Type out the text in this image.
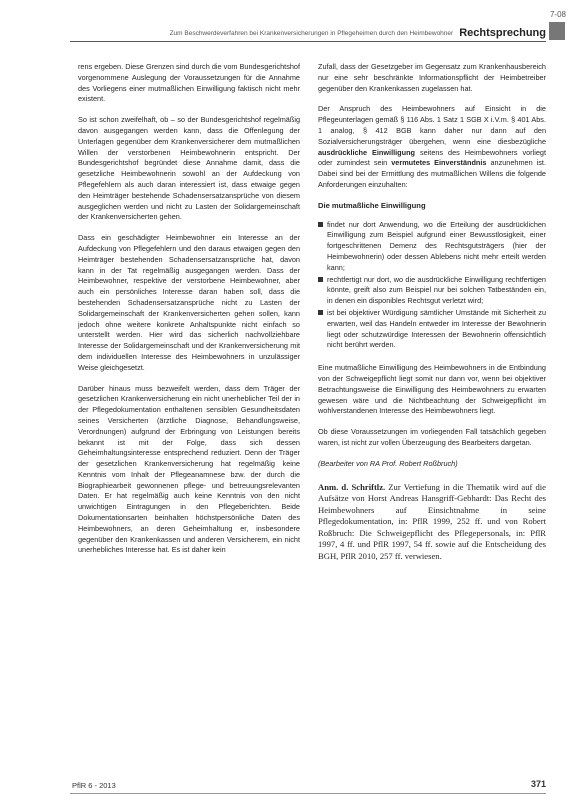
7-08
Zum Beschwerdeverfahren bei Krankenversicherungen in Pflegeheimen durch den Heimbewohner Rechtsprechung

rens ergeben. Diese Grenzen sind durch die vom Bundesgerichtshof vorgenommene Auslegung der Voraussetzungen für die Annahme des Vorliegens einer mutmaßlichen Einwilligung faktisch nicht mehr existent.

So ist schon zweifelhaft, ob – so der Bundesgerichtshof regelmäßig davon ausgegangen werden kann, dass die Offenlegung der Unterlagen gegenüber dem Krankenversicherer dem mutmaßlichen Willen der verstorbenen Heimbewohnerin entspricht. Der Bundesgerichtshof begründet diese Annahme damit, dass die gesetzliche Heimbewohnerin sowohl an der Aufdeckung von Pflegefehlern als auch daran interessiert ist, dass etwaige gegen den Heimträger bestehende Schadensersatzansprüche von diesem ausgeglichen werden und nicht zu Lasten der Solidargemeinschaft der Krankenversicherten gehen.

Dass ein geschädigter Heimbewohner ein Interesse an der Aufdeckung von Pflegefehlern und den daraus etwaigen gegen den Heimträger bestehenden Schadensersatzansprüche hat, davon kann in der Tat regelmäßig ausgegangen werden. Dass der Heimbewohner, respektive der verstorbene Heimbewohner, aber auch ein persönliches Interesse daran haben soll, dass die bestehenden Schadensersatzansprüche nicht zu Lasten der Solidargemeinschaft der Krankenversicherten gehen sollen, kann jedoch ohne weitere konkrete Anhaltspunkte nicht einfach so unterstellt werden. Hier wird das sicherlich nachvollziehbare Interesse der Solidargemeinschaft und der Krankenversicherung mit dem individuellen Interesse des Heimbewohners in unzulässiger Weise gleichgesetzt.

Darüber hinaus muss bezweifelt werden, dass dem Träger der gesetzlichen Krankenversicherung ein nicht unerheblicher Teil der in der Pflegedokumentation enthaltenen sensiblen Gesundheitsdaten seines Versicherten (ärztliche Diagnose, Behandlungsweise, Verordnungen) aufgrund der Erbringung von Leistungen bereits bekannt ist mit der Folge, dass sich dessen Geheimhaltungsinteresse entsprechend reduziert. Denn der Träger der gesetzlichen Krankenversicherung hat regelmäßig keine Kenntnis vom Inhalt der Pflegeanamnese bzw. der durch die Biographiearbeit gewonnenen pflege- und betreuungsrelevanten Daten. Er hat regelmäßig auch keine Kenntnis von den nicht unwichtigen Eintragungen in den Pflegeberichten. Beide Dokumentationsarten beinhalten höchstpersönliche Daten des Heimbewohners, an deren Geheimhaltung er, insbesondere gegenüber den Krankenkassen und anderen Versicherern, ein nicht unerhebliches Interesse hat. Es ist daher kein

Zufall, dass der Gesetzgeber im Gegensatz zum Krankenhausbereich nur eine sehr beschränkte Informationspflicht der Heimbetreiber gegenüber den Krankenkassen zugelassen hat.

Der Anspruch des Heimbewohners auf Einsicht in die Pflegeunterlagen gemäß § 116 Abs. 1 Satz 1 SGB X i.V.m. § 401 Abs. 1 analog, § 412 BGB kann daher nur dann auf den Sozialversicherungsträger übergehen, wenn eine diesbezügliche ausdrückliche Einwilligung seitens des Heimbewohners vorliegt oder zumindest sein vermutetes Einverständnis anzunehmen ist. Dabei sind bei der Ermittlung des mutmaßlichen Willens die folgende Anforderungen einzuhalten:

Die mutmaßliche Einwilligung
findet nur dort Anwendung, wo die Erteilung der ausdrücklichen Einwilligung zum Beispiel aufgrund einer Bewusstlosigkeit, einer fortgeschrittenen Demenz des Rechtsgutsträgers (hier der Heimbewohnerin) oder dessen Ablebens nicht mehr erteilt werden kann;
rechtfertigt nur dort, wo die ausdrückliche Einwilligung rechtfertigen könnte, greift also zum Beispiel nur bei solchen Tatbeständen ein, in denen ein disponibles Rechtsgut verletzt wird;
ist bei objektiver Würdigung sämtlicher Umstände mit Sicherheit zu erwarten, weil das Handeln entweder im Interesse der Bewohnerin liegt oder schutzwürdige Interessen der Bewohnerin offensichtlich nicht berührt werden.

Eine mutmaßliche Einwilligung des Heimbewohners in die Entbindung von der Schweigepflicht liegt somit nur dann vor, wenn bei objektiver Betrachtungsweise die Einwilligung des Heimbewohners zu erwarten gewesen wäre und die Nichtbeachtung der Schweigepflicht im wohlverstandenen Interesse des Heimbewohners liegt.

Ob diese Voraussetzungen im vorliegenden Fall tatsächlich gegeben waren, ist nicht zur vollen Überzeugung des Bearbeiters dargetan.

(Bearbeiter von RA Prof. Robert Roßbruch)

Anm. d. Schriftlz. Zur Vertiefung in die Thematik wird auf die Aufsätze von Horst Andreas Hansgriff-Gebhardt: Das Recht des Heimbewohners auf Einsichtnahme in seine Pflegedokumentation, in: PflR 1999, 252 ff. und von Robert Roßbruch: Die Schweigepflicht des Pflegepersonals, in: PflR 1997, 4 ff. und PflR 1997, 54 ff. sowie auf die Entscheidung des BGH, PflR 2010, 257 ff. verwiesen.

PflR 6 - 2013	371
